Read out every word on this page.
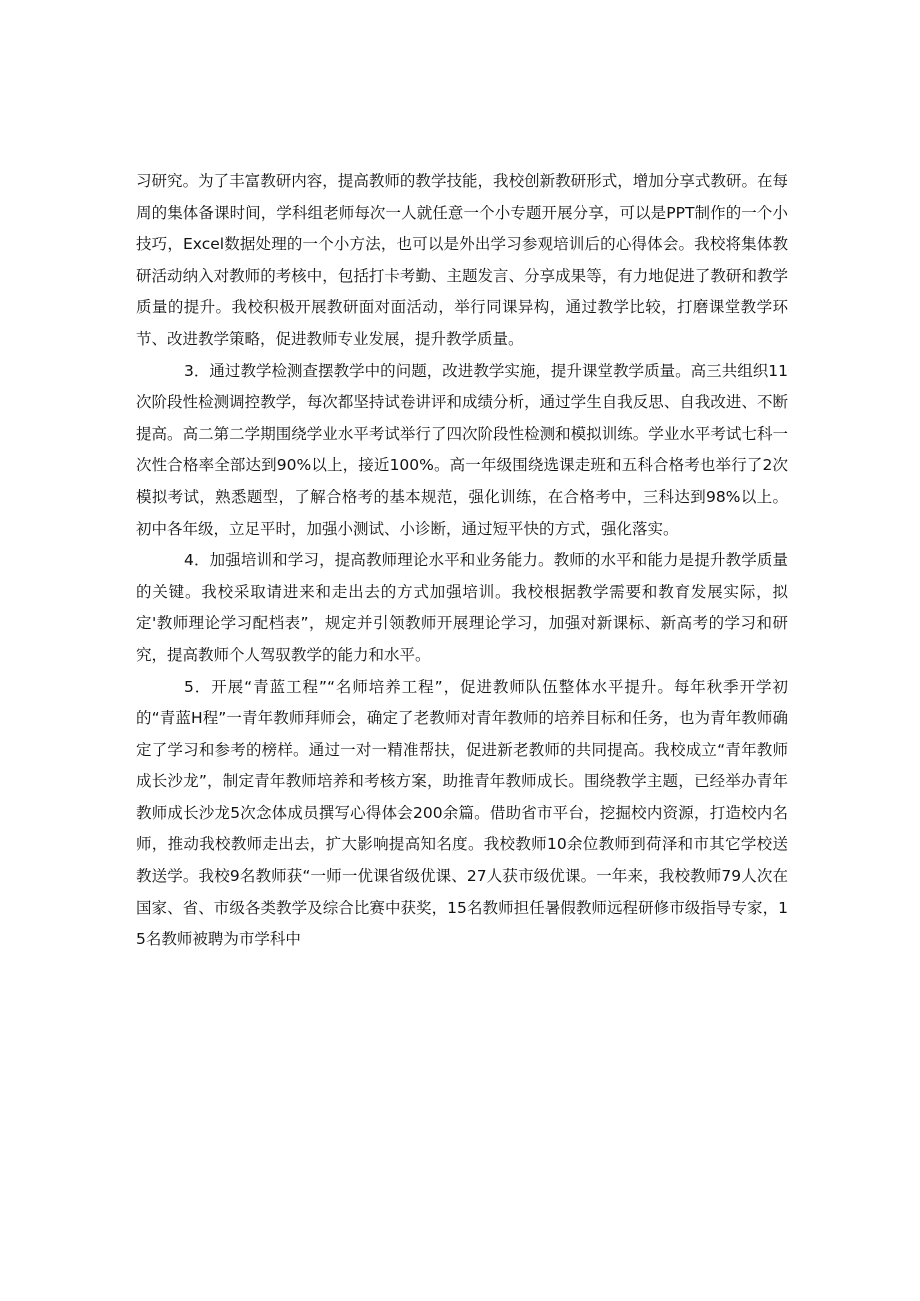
习研究。为了丰富教研内容，提高教师的教学技能，我校创新教研形式，增加分享式教研。在每周的集体备课时间，学科组老师每次一人就任意一个小专题开展分享，可以是PPT制作的一个小技巧，Excel数据处理的一个小方法，也可以是外出学习参观培训后的心得体会。我校将集体教研活动纳入对教师的考核中，包括打卡考勤、主题发言、分享成果等，有力地促进了教研和教学质量的提升。我校积极开展教研面对面活动，举行同课异构，通过教学比较，打磨课堂教学环节、改进教学策略，促进教师专业发展，提升教学质量。

3．通过教学检测查摆教学中的问题，改进教学实施，提升课堂教学质量。高三共组织11次阶段性检测调控教学，每次都坚持试卷讲评和成绩分析，通过学生自我反思、自我改进、不断提高。高二第二学期围绕学业水平考试举行了四次阶段性检测和模拟训练。学业水平考试七科一次性合格率全部达到90%以上，接近100%。高一年级围绕选课走班和五科合格考也举行了2次模拟考试，熟悉题型，了解合格考的基本规范，强化训练，在合格考中，三科达到98%以上。初中各年级，立足平时，加强小测试、小诊断，通过短平快的方式，强化落实。

4．加强培训和学习，提高教师理论水平和业务能力。教师的水平和能力是提升教学质量的关键。我校采取请进来和走出去的方式加强培训。我校根据教学需要和教育发展实际，拟定'教师理论学习配档表”，规定并引领教师开展理论学习，加强对新课标、新高考的学习和研究，提高教师个人驾驭教学的能力和水平。

5．开展“青蓝工程”“名师培养工程”，促进教师队伍整体水平提升。每年秋季开学初的“青蓝H程”一青年教师拜师会，确定了老教师对青年教师的培养目标和任务，也为青年教师确定了学习和参考的榜样。通过一对一精准帮扶，促进新老教师的共同提高。我校成立“青年教师成长沙龙”，制定青年教师培养和考核方案，助推青年教师成长。围绕教学主题，已经举办青年教师成长沙龙5次念体成员撰写心得体会200余篇。借助省市平台，挖掘校内资源，打造校内名师，推动我校教师走出去，扩大影响提高知名度。我校教师10余位教师到荷泽和市其它学校送教送学。我校9名教师获“一师一优课省级优课、27人获市级优课。一年来，我校教师79人次在国家、省、市级各类教学及综合比赛中获奖，15名教师担任暑假教师远程研修市级指导专家，15名教师被聘为市学科中
